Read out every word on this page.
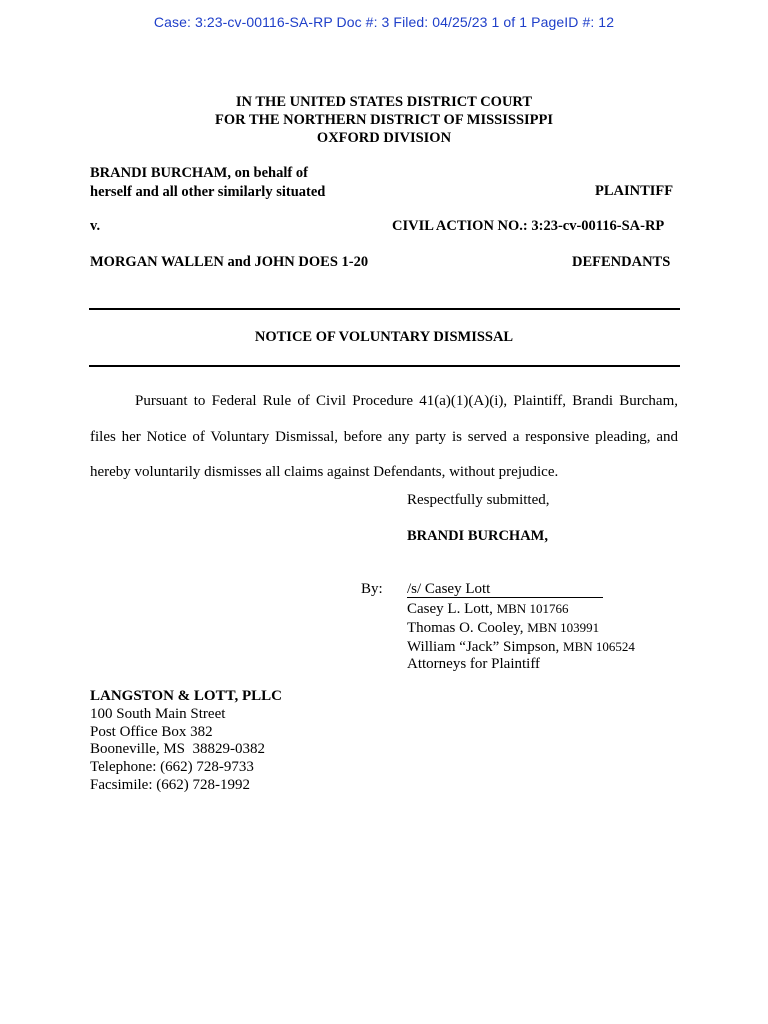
Case: 3:23-cv-00116-SA-RP Doc #: 3 Filed: 04/25/23 1 of 1 PageID #: 12
IN THE UNITED STATES DISTRICT COURT
FOR THE NORTHERN DISTRICT OF MISSISSIPPI
OXFORD DIVISION
BRANDI BURCHAM, on behalf of
herself and all other similarly situated	PLAINTIFF
v.	CIVIL ACTION NO.: 3:23-cv-00116-SA-RP
MORGAN WALLEN and JOHN DOES 1-20	DEFENDANTS
NOTICE OF VOLUNTARY DISMISSAL
Pursuant to Federal Rule of Civil Procedure 41(a)(1)(A)(i), Plaintiff, Brandi Burcham, files her Notice of Voluntary Dismissal, before any party is served a responsive pleading, and hereby voluntarily dismisses all claims against Defendants, without prejudice.
Respectfully submitted,
BRANDI BURCHAM,
By: /s/ Casey Lott
Casey L. Lott, MBN 101766
Thomas O. Cooley, MBN 103991
William “Jack” Simpson, MBN 106524
Attorneys for Plaintiff
LANGSTON & LOTT, PLLC
100 South Main Street
Post Office Box 382
Booneville, MS  38829-0382
Telephone: (662) 728-9733
Facsimile: (662) 728-1992
